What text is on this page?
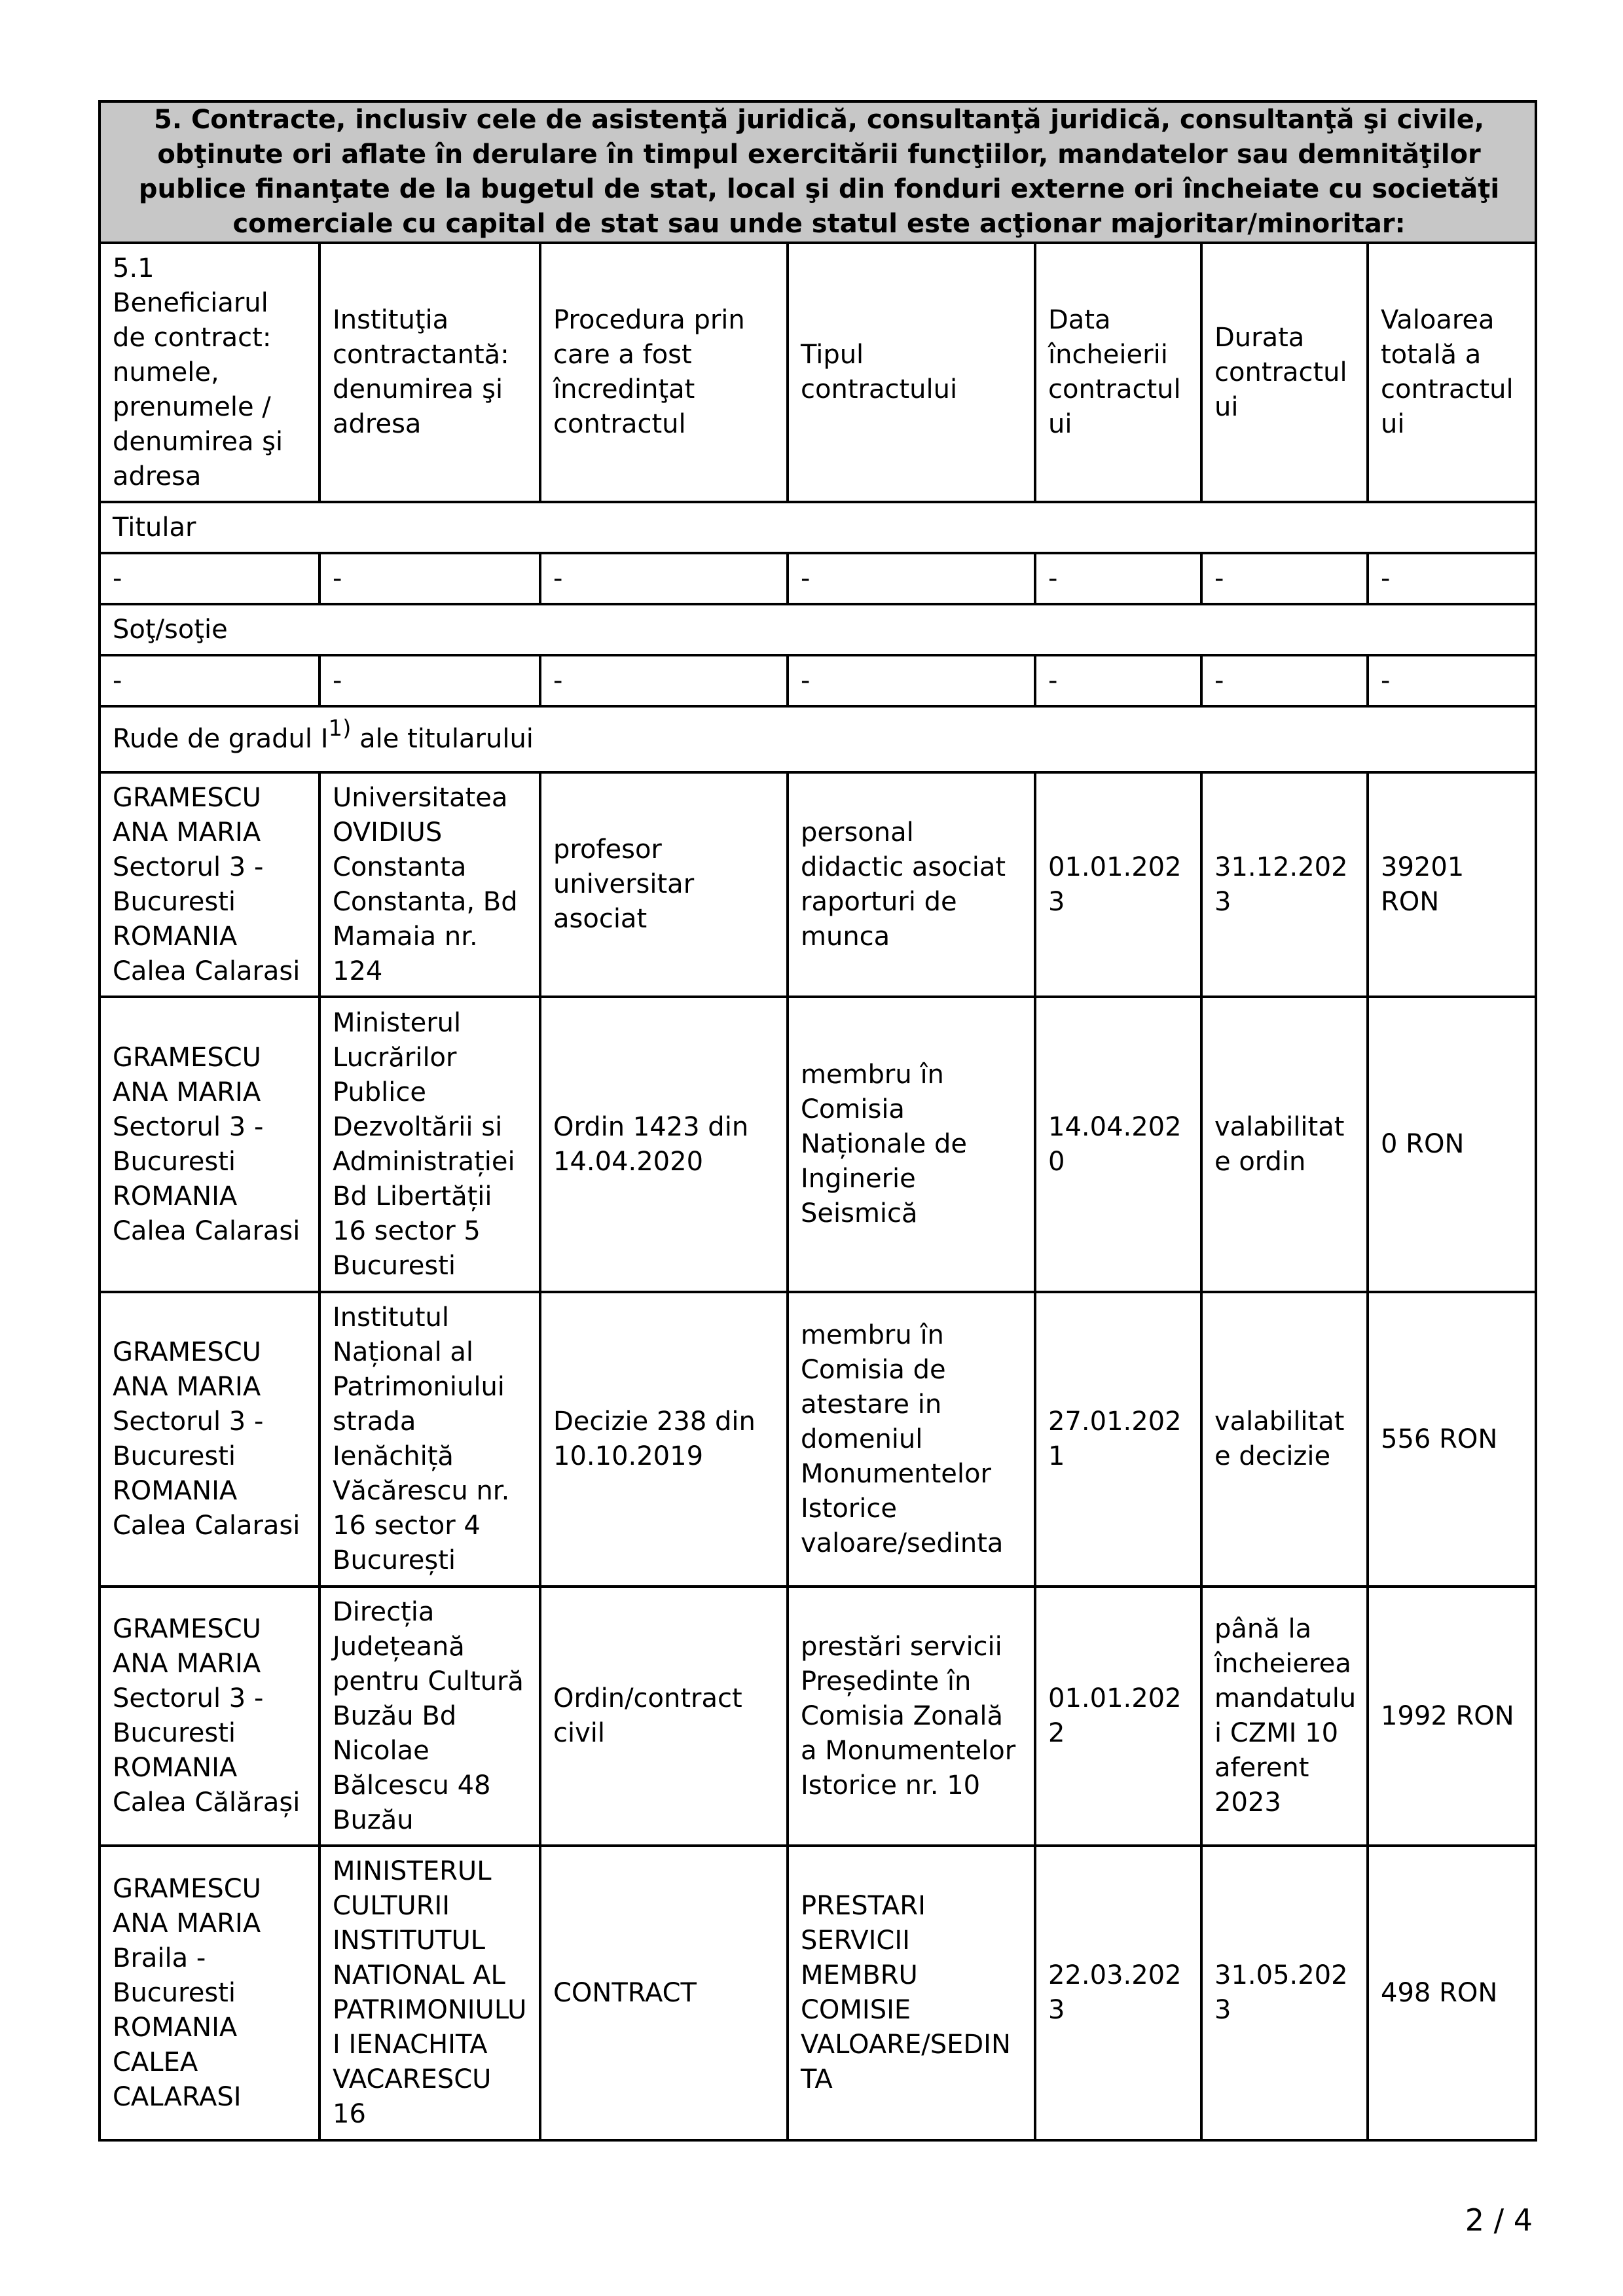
5. Contracte, inclusiv cele de asistenţă juridică, consultanţă juridică, consultanţă şi civile, obţinute ori aflate în derulare în timpul exercitării funcţiilor, mandatelor sau demnităţilor publice finanţate de la bugetul de stat, local şi din fonduri externe ori încheiate cu societăţi comerciale cu capital de stat sau unde statul este acţionar majoritar/minoritar:						
5.1 Beneficiarul de contract: numele, prenumele / denumirea şi adresa	Instituţia contractantă: denumirea şi adresa	Procedura prin care a fost încredinţat contractul	Tipul contractului	Data încheierii contractului	Durata contractului	Valoarea totală a contractului
Titular						
-	-	-	-	-	-	-
Soţ/soţie						
-	-	-	-	-	-	-
Rude de gradul $I^{1)}$ ale titularului						
GRAMESCU ANA MARIA Sectorul 3 - Bucuresti ROMANIA Calea Calarasi	Universitatea OVIDIUS Constanta Constanta, Bd Mamaia nr. 124	profesor universitar asociat	personal didactic asociat raporturi de munca	01.01.2023	31.12.2023	39201 RON
GRAMESCU ANA MARIA Sectorul 3 - Bucuresti ROMANIA Calea Calarasi	Ministerul Lucrărilor Publice Dezvoltării si Administrației Bd Libertății 16 sector 5 Bucuresti	Ordin 1423 din 14.04.2020	membru în Comisia Naționale de Inginerie Seismică	14.04.2020	valabilitate ordin	0 RON
GRAMESCU ANA MARIA Sectorul 3 - Bucuresti ROMANIA Calea Calarasi	Institutul Național al Patrimoniului strada Ienăchiță Văcărescu nr. 16 sector 4 București	Decizie 238 din 10.10.2019	membru în Comisia de atestare in domeniul Monumentelor Istorice valoare/sedinta	27.01.2021	valabilitate decizie	556 RON
GRAMESCU ANA MARIA Sectorul 3 - Bucuresti ROMANIA Calea Călărași	Direcția Județeană pentru Cultură Buzău Bd Nicolae Bălcescu 48 Buzău	Ordin/contract civil	prestări servicii Președinte în Comisia Zonală a Monumentelor Istorice nr. 10	01.01.2022	până la încheierea mandatului CZMI 10 aferent 2023	1992 RON
GRAMESCU ANA MARIA Braila - Bucuresti ROMANIA CALEA CALARASI	MINISTERUL CULTURII INSTITUTUL NATIONAL AL PATRIMONIULUI IENACHITA VACARESCU 16	CONTRACT	PRESTARI SERVICII MEMBRU COMISIE VALOARE/SEDINTA	22.03.2023	31.05.2023	498 RON
2 / 4
